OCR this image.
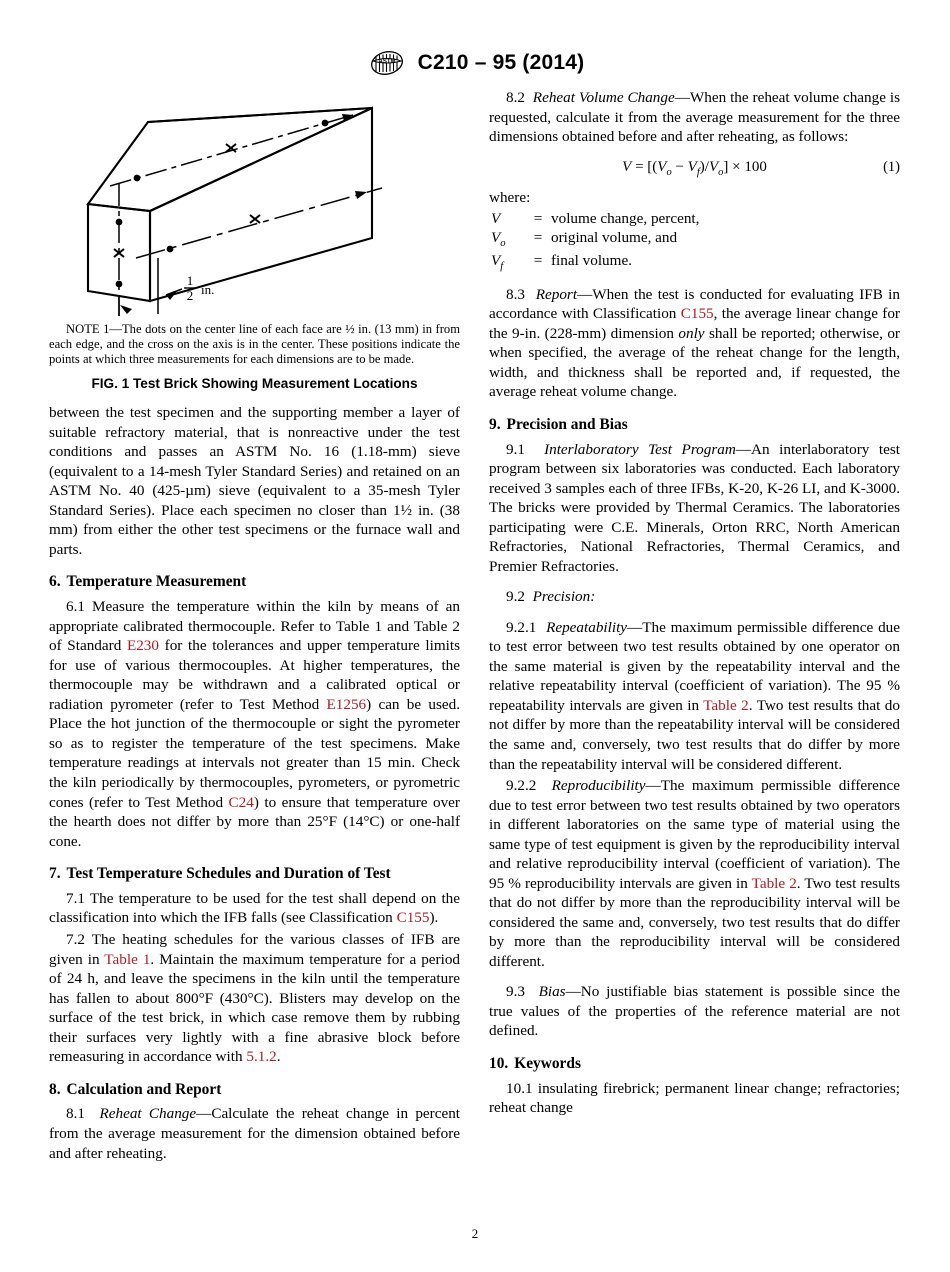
ASTM C210 – 95 (2014)
1
2 in.
NOTE 1—The dots on the center line of each face are ½ in. (13 mm) in from each edge, and the cross on the axis is in the center. These positions indicate the points at which three measurements for each dimensions are to be made.
FIG. 1 Test Brick Showing Measurement Locations

between the test specimen and the supporting member a layer of suitable refractory material, that is nonreactive under the test conditions and passes an ASTM No. 16 (1.18-mm) sieve (equivalent to a 14-mesh Tyler Standard Series) and retained on an ASTM No. 40 (425-µm) sieve (equivalent to a 35-mesh Tyler Standard Series). Place each specimen no closer than 1½ in. (38 mm) from either the other test specimens or the furnace wall and parts.

6. Temperature Measurement

6.1 Measure the temperature within the kiln by means of an appropriate calibrated thermocouple. Refer to Table 1 and Table 2 of Standard E230 for the tolerances and upper temperature limits for use of various thermocouples. At higher temperatures, the thermocouple may be withdrawn and a calibrated optical or radiation pyrometer (refer to Test Method E1256) can be used. Place the hot junction of the thermocouple or sight the pyrometer so as to register the temperature of the test specimens. Make temperature readings at intervals not greater than 15 min. Check the kiln periodically by thermocouples, pyrometers, or pyrometric cones (refer to Test Method C24) to ensure that temperature over the hearth does not differ by more than 25°F (14°C) or one-half cone.

7. Test Temperature Schedules and Duration of Test

7.1 The temperature to be used for the test shall depend on the classification into which the IFB falls (see Classification C155).

7.2 The heating schedules for the various classes of IFB are given in Table 1. Maintain the maximum temperature for a period of 24 h, and leave the specimens in the kiln until the temperature has fallen to about 800°F (430°C). Blisters may develop on the surface of the test brick, in which case remove them by rubbing their surfaces very lightly with a fine abrasive block before remeasuring in accordance with 5.1.2.

8. Calculation and Report

8.1 Reheat Change—Calculate the reheat change in percent from the average measurement for the dimension obtained before and after reheating.

8.2 Reheat Volume Change—When the reheat volume change is requested, calculate it from the average measurement for the three dimensions obtained before and after reheating, as follows:

$V = [(V_o - V_f)/V_o] \times 100$	(1)

where:

V	=	volume change, percent,
$V_o$	=	original volume, and
$V_f$	=	final volume.

8.3 Report—When the test is conducted for evaluating IFB in accordance with Classification C155, the average linear change for the 9-in. (228-mm) dimension only shall be reported; otherwise, or when specified, the average of the reheat change for the length, width, and thickness shall be reported and, if requested, the average reheat volume change.

9. Precision and Bias

9.1 Interlaboratory Test Program—An interlaboratory test program between six laboratories was conducted. Each laboratory received 3 samples each of three IFBs, K-20, K-26 LI, and K-3000. The bricks were provided by Thermal Ceramics. The laboratories participating were C.E. Minerals, Orton RRC, North American Refractories, National Refractories, Thermal Ceramics, and Premier Refractories.

9.2 Precision:

9.2.1 Repeatability—The maximum permissible difference due to test error between two test results obtained by one operator on the same material is given by the repeatability interval and the relative repeatability interval (coefficient of variation). The 95 % repeatability intervals are given in Table 2. Two test results that do not differ by more than the repeatability interval will be considered the same and, conversely, two test results that do differ by more than the repeatability interval will be considered different.

9.2.2 Reproducibility—The maximum permissible difference due to test error between two test results obtained by two operators in different laboratories on the same type of material using the same type of test equipment is given by the reproducibility interval and relative reproducibility interval (coefficient of variation). The 95 % reproducibility intervals are given in Table 2. Two test results that do not differ by more than the reproducibility interval will be considered the same and, conversely, two test results that do differ by more than the reproducibility interval will be considered different.

9.3 Bias—No justifiable bias statement is possible since the true values of the properties of the reference material are not defined.

10. Keywords

10.1 insulating firebrick; permanent linear change; refractories; reheat change

2
